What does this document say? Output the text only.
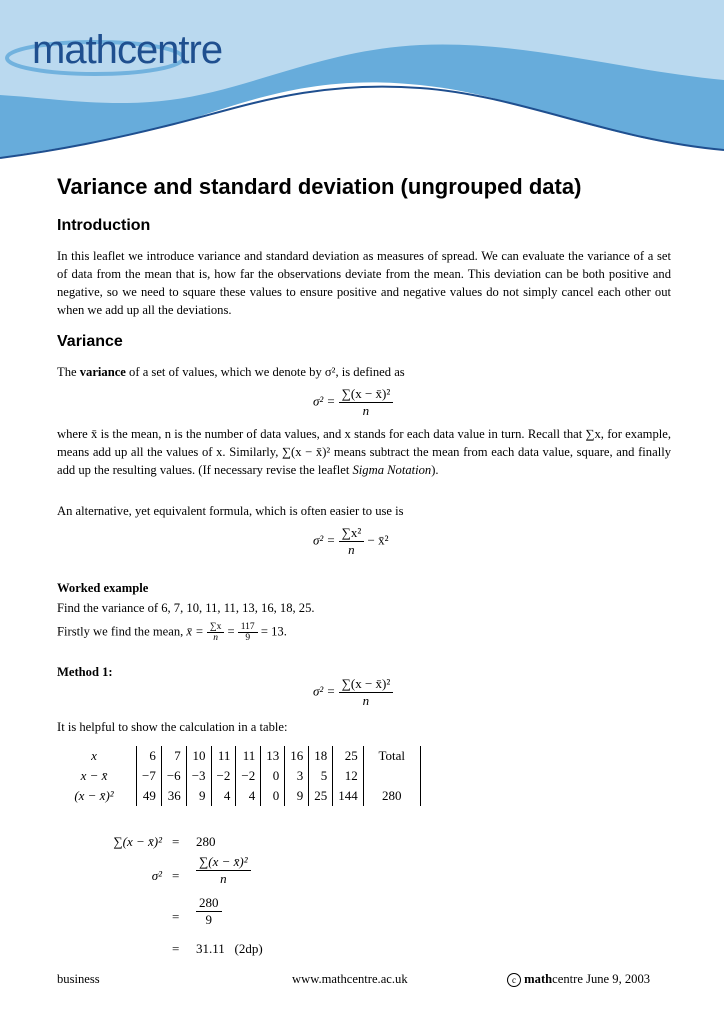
mathcentre
Variance and standard deviation (ungrouped data)
Introduction
In this leaflet we introduce variance and standard deviation as measures of spread. We can evaluate the variance of a set of data from the mean that is, how far the observations deviate from the mean. This deviation can be both positive and negative, so we need to square these values to ensure positive and negative values do not simply cancel each other out when we add up all the deviations.
Variance
The variance of a set of values, which we denote by σ², is defined as
$\sigma^2 = \frac{\text{∑(x − x̄)²}}{n}$
where x̄ is the mean, n is the number of data values, and x stands for each data value in turn. Recall that ∑x, for example, means add up all the values of x. Similarly, ∑(x − x̄)² means subtract the mean from each data value, square, and finally add up the resulting values. (If necessary revise the leaflet Sigma Notation).
An alternative, yet equivalent formula, which is often easier to use is
$\sigma^2 = \frac{\text{∑x²}}{n}$ − x̄²
Worked example
Find the variance of 6, 7, 10, 11, 11, 13, 16, 18, 25.
Firstly we find the mean, x̄ = $\frac{\sum x}{n} = \frac{117}{9} = 13$.
Method 1:
$\sigma^2 = \frac{\text{∑(x − x̄)²}}{n}$
It is helpful to show the calculation in a table:
x	6	7	10	11	11	13	16	18	25	Total
x − x̄	−7	−6	−3	−2	−2	0	3	5	12	
(x − x̄)²	49	36	9	4	4	0	9	25	144	280
∑(x − x̄)² = 280
$\sigma^2 = \frac{\text{∑(x − x̄)²}}{n}$
= $\frac{280}{9}$
= 31.11   (2dp)
business	www.mathcentre.ac.uk	c mathcentre June 9, 2003
